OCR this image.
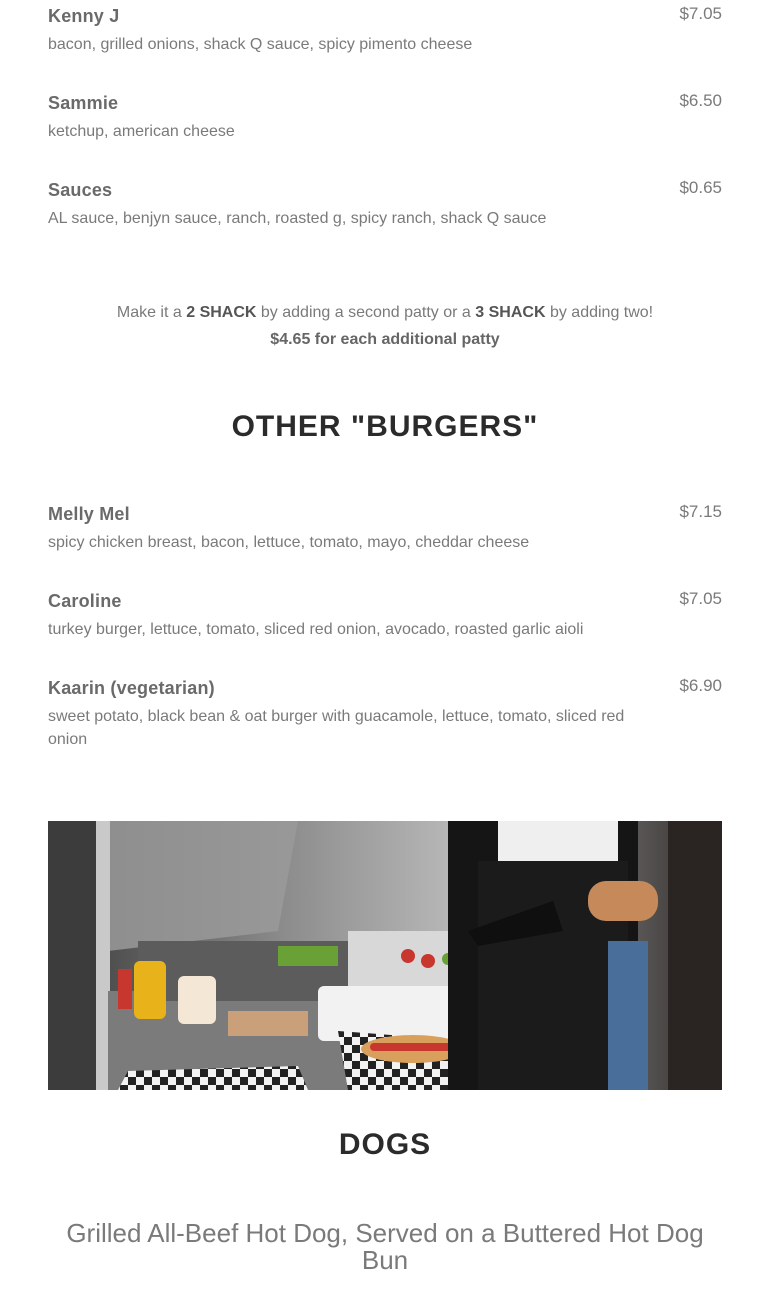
Kenny J
bacon, grilled onions, shack Q sauce, spicy pimento cheese
$7.05
Sammie
ketchup, american cheese
$6.50
Sauces
AL sauce, benjyn sauce, ranch, roasted g, spicy ranch, shack Q sauce
$0.65
Make it a 2 SHACK by adding a second patty or a 3 SHACK by adding two!
$4.65 for each additional patty
OTHER "BURGERS"
Melly Mel
spicy chicken breast, bacon, lettuce, tomato, mayo, cheddar cheese
$7.15
Caroline
turkey burger, lettuce, tomato, sliced red onion, avocado, roasted garlic aioli
$7.05
Kaarin (vegetarian)
sweet potato, black bean & oat burger with guacamole, lettuce, tomato, sliced red onion
$6.90
DOGS
Grilled All-Beef Hot Dog, Served on a Buttered Hot Dog Bun
